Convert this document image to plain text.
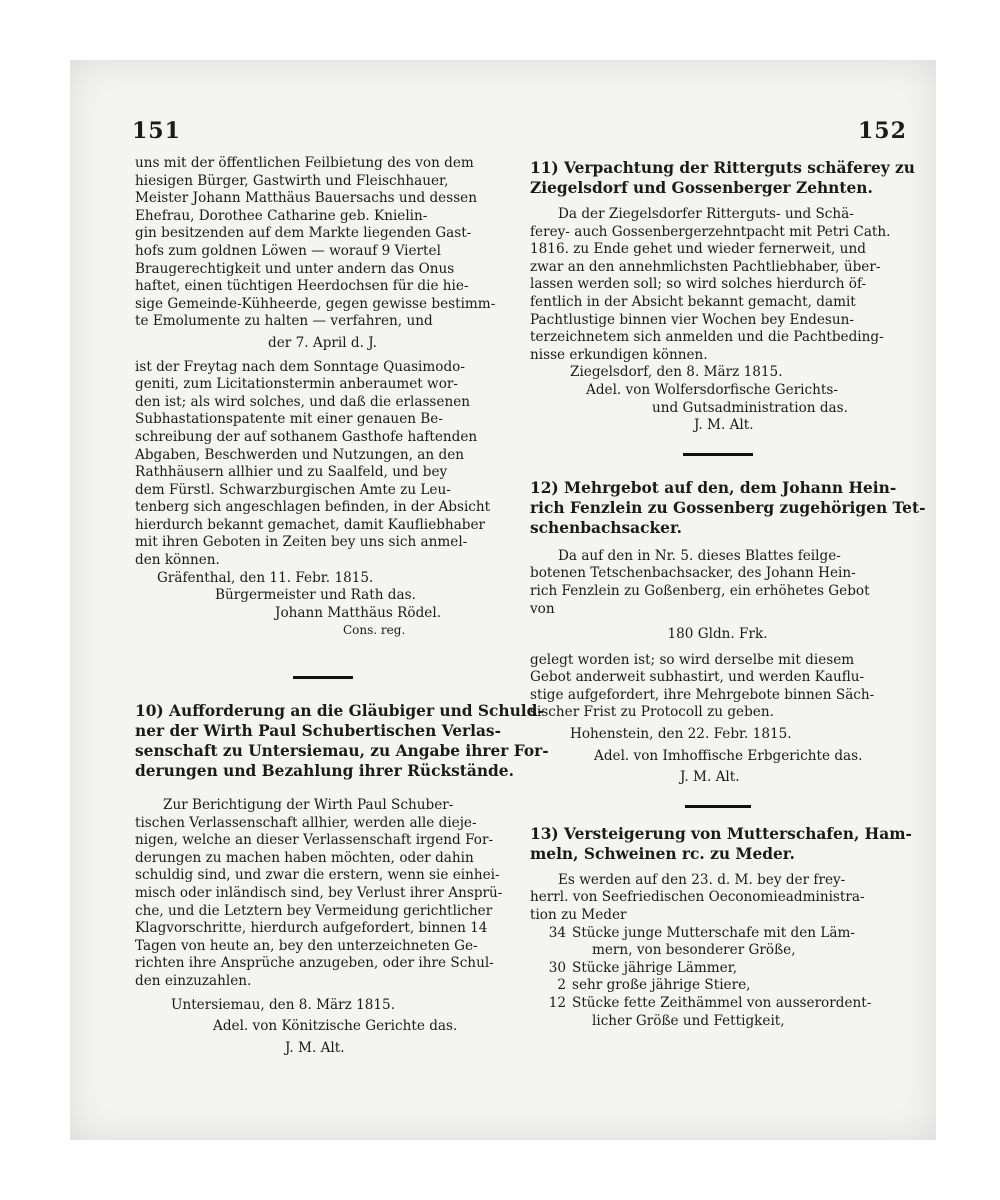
151	152
uns mit der öffentlichen Feilbietung des von dem
hiesigen Bürger, Gastwirth und Fleischhauer,
Meister Johann Matthäus Bauersachs und dessen
Ehefrau, Dorothee Catharine geb. Knielin-
gin besitzenden auf dem Markte liegenden Gast-
hofs zum goldnen Löwen — worauf 9 Viertel
Braugerechtigkeit und unter andern das Onus
haftet, einen tüchtigen Heerdochsen für die hie-
sige Gemeinde-Kühheerde, gegen gewisse bestimm-
te Emolumente zu halten — verfahren, und
der 7. April d. J.
ist der Freytag nach dem Sonntage Quasimodo-
geniti, zum Licitationstermin anberaumet wor-
den ist; als wird solches, und daß die erlassenen
Subhastationspatente mit einer genauen Be-
schreibung der auf sothanem Gasthofe haftenden
Abgaben, Beschwerden und Nutzungen, an den
Rathhäusern allhier und zu Saalfeld, und bey
dem Fürstl. Schwarzburgischen Amte zu Leu-
tenberg sich angeschlagen befinden, in der Absicht
hierdurch bekannt gemachet, damit Kaufliebhaber
mit ihren Geboten in Zeiten bey uns sich anmel-
den können.
Gräfenthal, den 11. Febr. 1815.
Bürgermeister und Rath das.
Johann Matthäus Rödel.
Cons. reg.
10) Aufforderung an die Gläubiger und Schuld-
ner der Wirth Paul Schubertischen Verlas-
senschaft zu Untersiemau, zu Angabe ihrer For-
derungen und Bezahlung ihrer Rückstände.
Zur Berichtigung der Wirth Paul Schuber-
tischen Verlassenschaft allhier, werden alle dieje-
nigen, welche an dieser Verlassenschaft irgend For-
derungen zu machen haben möchten, oder dahin
schuldig sind, und zwar die erstern, wenn sie einhei-
misch oder inländisch sind, bey Verlust ihrer Ansprü-
che, und die Letztern bey Vermeidung gerichtlicher
Klagvorschritte, hierdurch aufgefordert, binnen 14
Tagen von heute an, bey den unterzeichneten Ge-
richten ihre Ansprüche anzugeben, oder ihre Schul-
den einzuzahlen.
Untersiemau, den 8. März 1815.
Adel. von Könitzische Gerichte das.
J. M. Alt.
11) Verpachtung der Ritterguts schäferey zu
Ziegelsdorf und Gossenberger Zehnten.
Da der Ziegelsdorfer Ritterguts- und Schä-
ferey- auch Gossenbergerzehntpacht mit Petri Cath.
1816. zu Ende gehet und wieder fernerweit, und
zwar an den annehmlichsten Pachtliebhaber, über-
lassen werden soll; so wird solches hierdurch öf-
fentlich in der Absicht bekannt gemacht, damit
Pachtlustige binnen vier Wochen bey Endesun-
terzeichnetem sich anmelden und die Pachtbeding-
nisse erkundigen können.
Ziegelsdorf, den 8. März 1815.
Adel. von Wolfersdorfische Gerichts-
und Gutsadministration das.
J. M. Alt.
12) Mehrgebot auf den, dem Johann Hein-
rich Fenzlein zu Gossenberg zugehörigen Tet-
schenbachsacker.
Da auf den in Nr. 5. dieses Blattes feilge-
botenen Tetschenbachsacker, des Johann Hein-
rich Fenzlein zu Goßenberg, ein erhöhetes Gebot
von
180 Gldn. Frk.
gelegt worden ist; so wird derselbe mit diesem
Gebot anderweit subhastirt, und werden Kauflu-
stige aufgefordert, ihre Mehrgebote binnen Säch-
sischer Frist zu Protocoll zu geben.
Hohenstein, den 22. Febr. 1815.
Adel. von Imhoffische Erbgerichte das.
J. M. Alt.
13) Versteigerung von Mutterschafen, Ham-
meln, Schweinen rc. zu Meder.
Es werden auf den 23. d. M. bey der frey-
herrl. von Seefriedischen Oeconomieadministra-
tion zu Meder
34 Stücke junge Mutterschafe mit den Läm-
mern, von besonderer Größe,
30 Stücke jährige Lämmer,
2 sehr große jährige Stiere,
12 Stücke fette Zeithämmel von ausserordent-
licher Größe und Fettigkeit,
